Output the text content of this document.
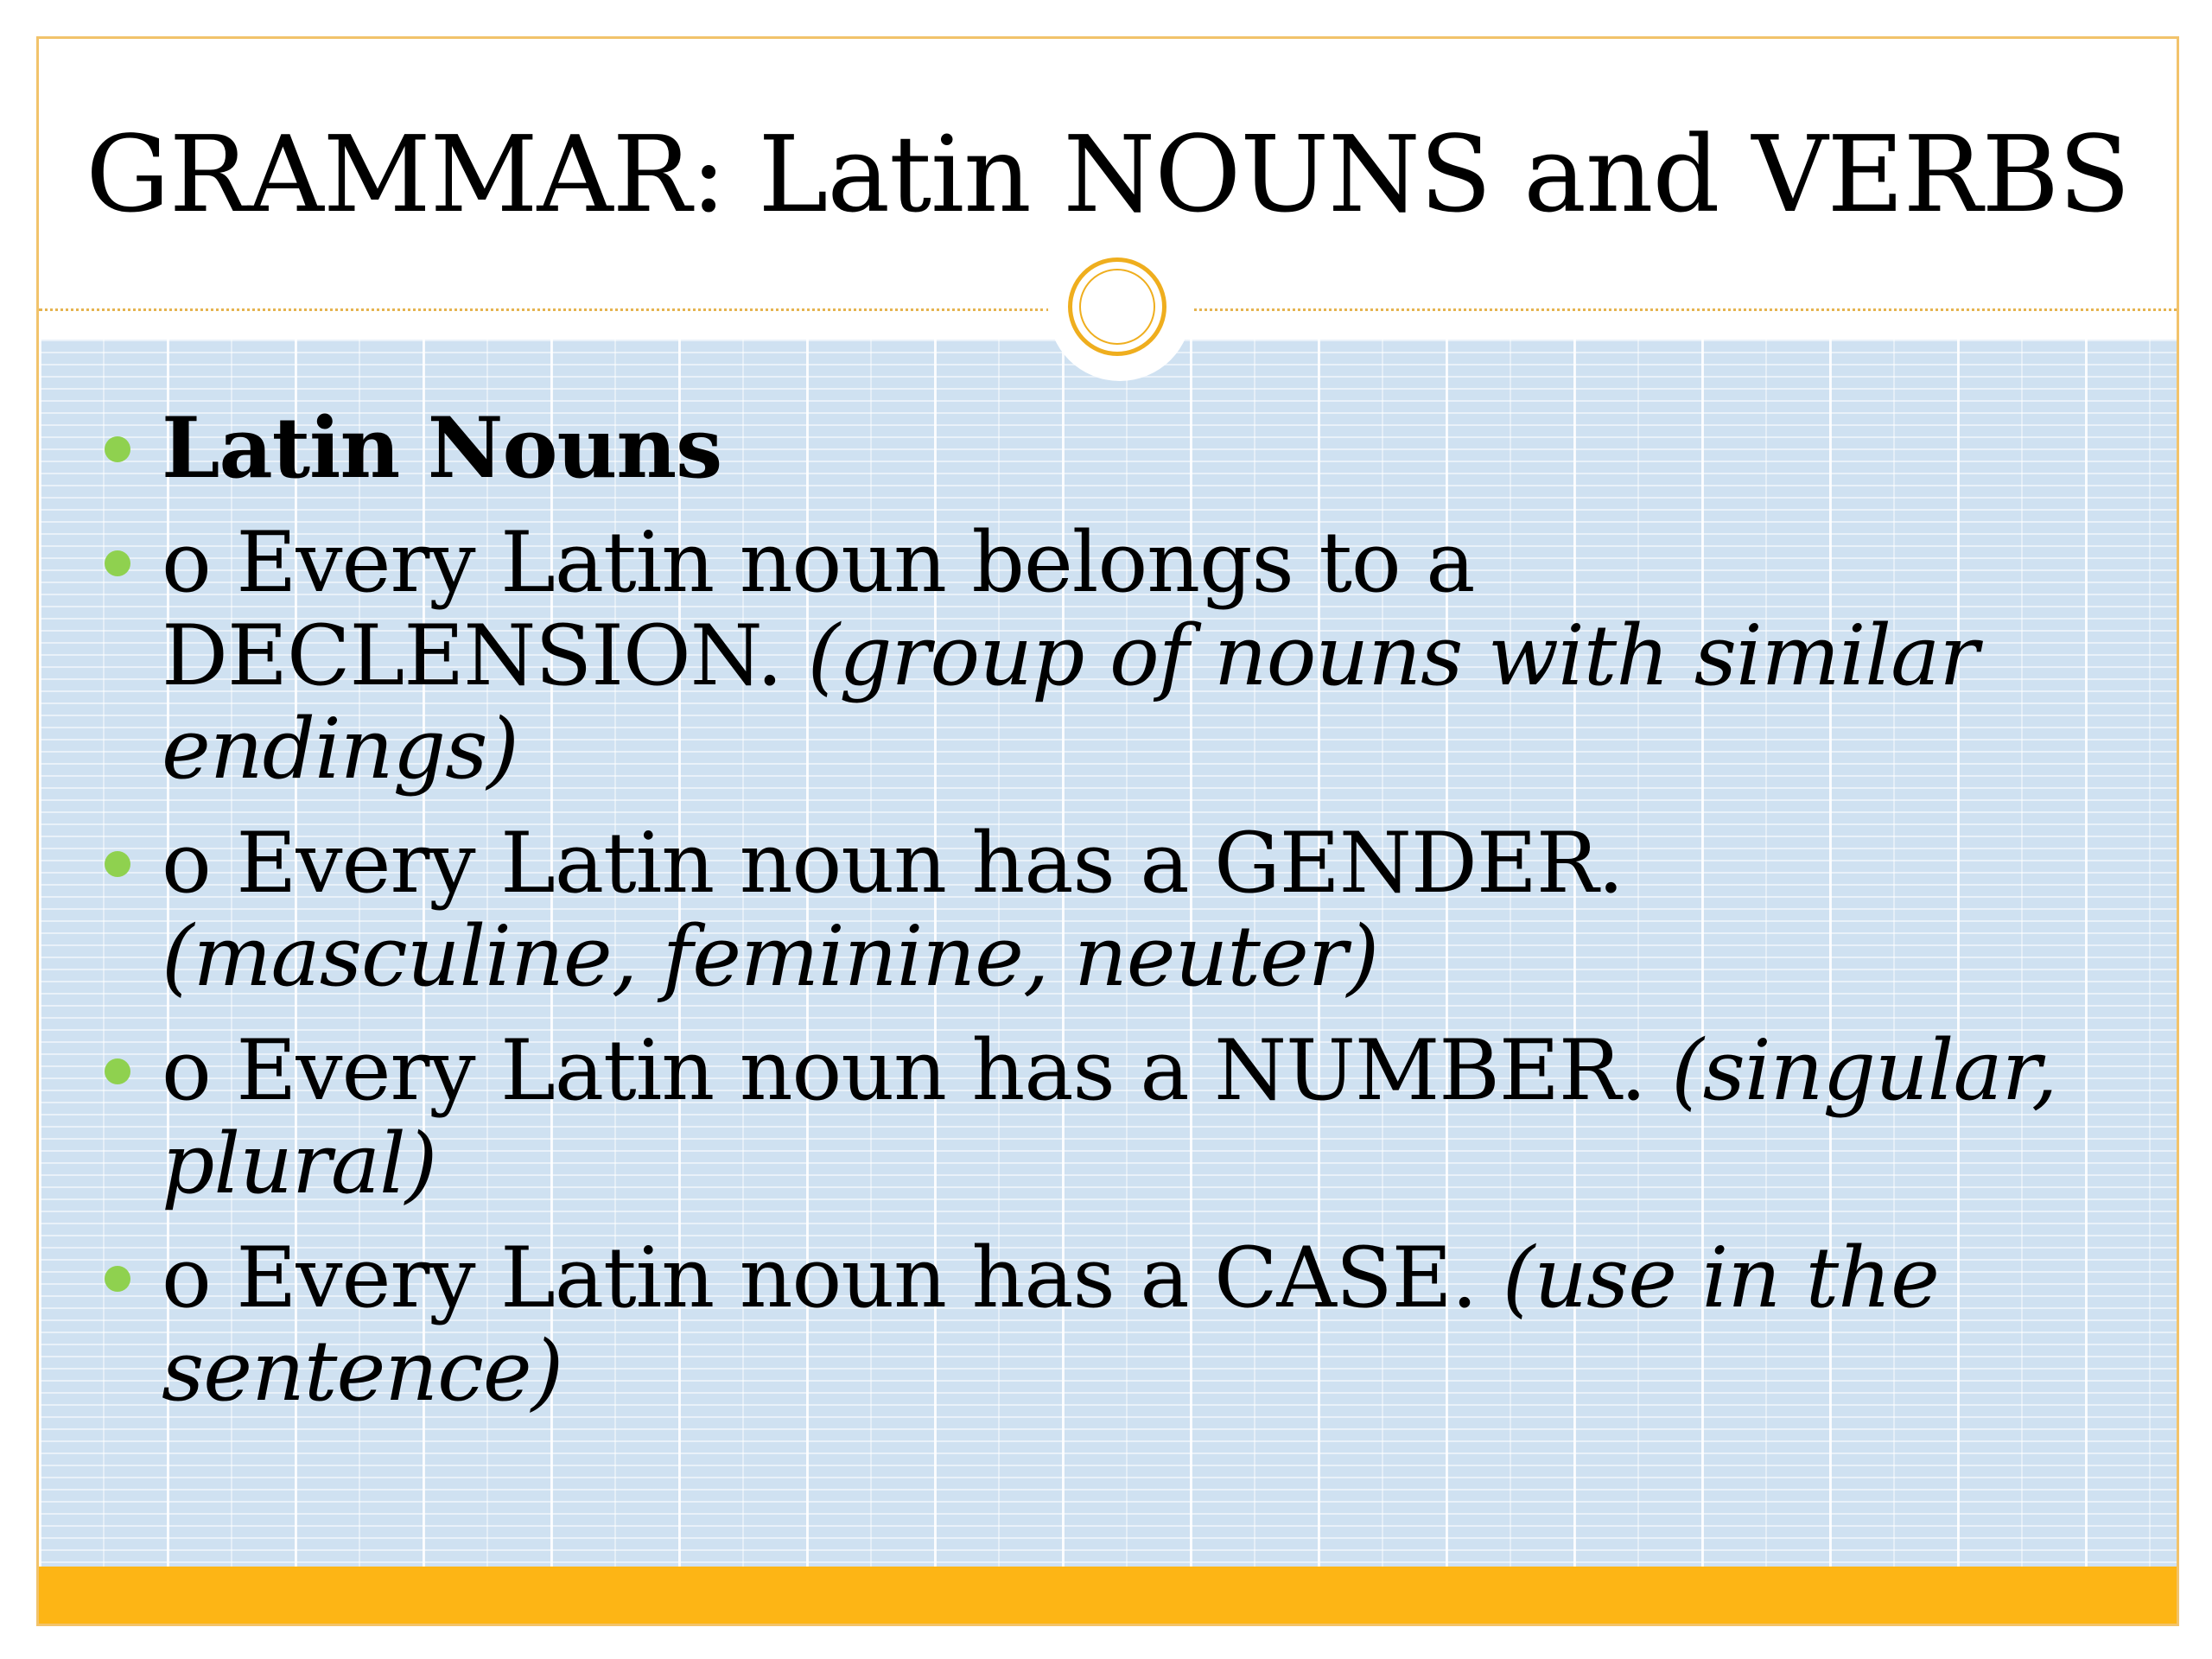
GRAMMAR: Latin NOUNS and VERBS
Latin Nouns
o Every Latin noun belongs to a DECLENSION. (group of nouns with similar endings)
o Every Latin noun has a GENDER. (masculine, feminine, neuter)
o Every Latin noun has a NUMBER. (singular, plural)
o Every Latin noun has a CASE. (use in the sentence)
